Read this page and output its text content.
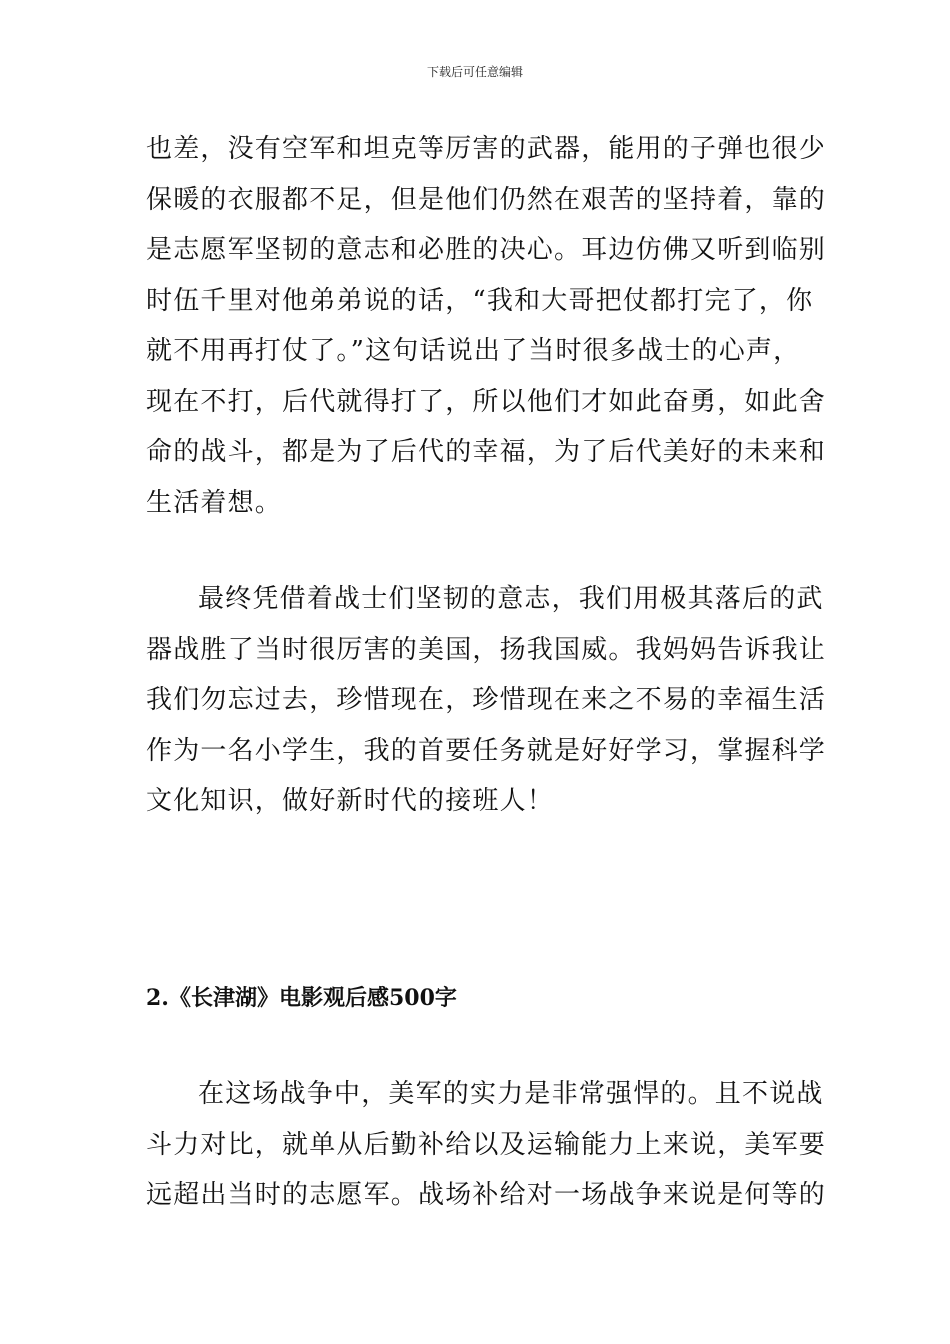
下载后可任意编辑

也差，没有空军和坦克等厉害的武器，能用的子弹也很少
保暖的衣服都不足，但是他们仍然在艰苦的坚持着，靠的
是志愿军坚韧的意志和必胜的决心。耳边仿佛又听到临别
时伍千里对他弟弟说的话，“我和大哥把仗都打完了，你
就不用再打仗了。”这句话说出了当时很多战士的心声，
现在不打，后代就得打了，所以他们才如此奋勇，如此舍
命的战斗，都是为了后代的幸福，为了后代美好的未来和
生活着想。

最终凭借着战士们坚韧的意志，我们用极其落后的武
器战胜了当时很厉害的美国，扬我国威。我妈妈告诉我让
我们勿忘过去，珍惜现在，珍惜现在来之不易的幸福生活
作为一名小学生，我的首要任务就是好好学习，掌握科学
文化知识，做好新时代的接班人！

2.《长津湖》电影观后感500字

在这场战争中，美军的实力是非常强悍的。且不说战
斗力对比，就单从后勤补给以及运输能力上来说，美军要
远超出当时的志愿军。战场补给对一场战争来说是何等的
